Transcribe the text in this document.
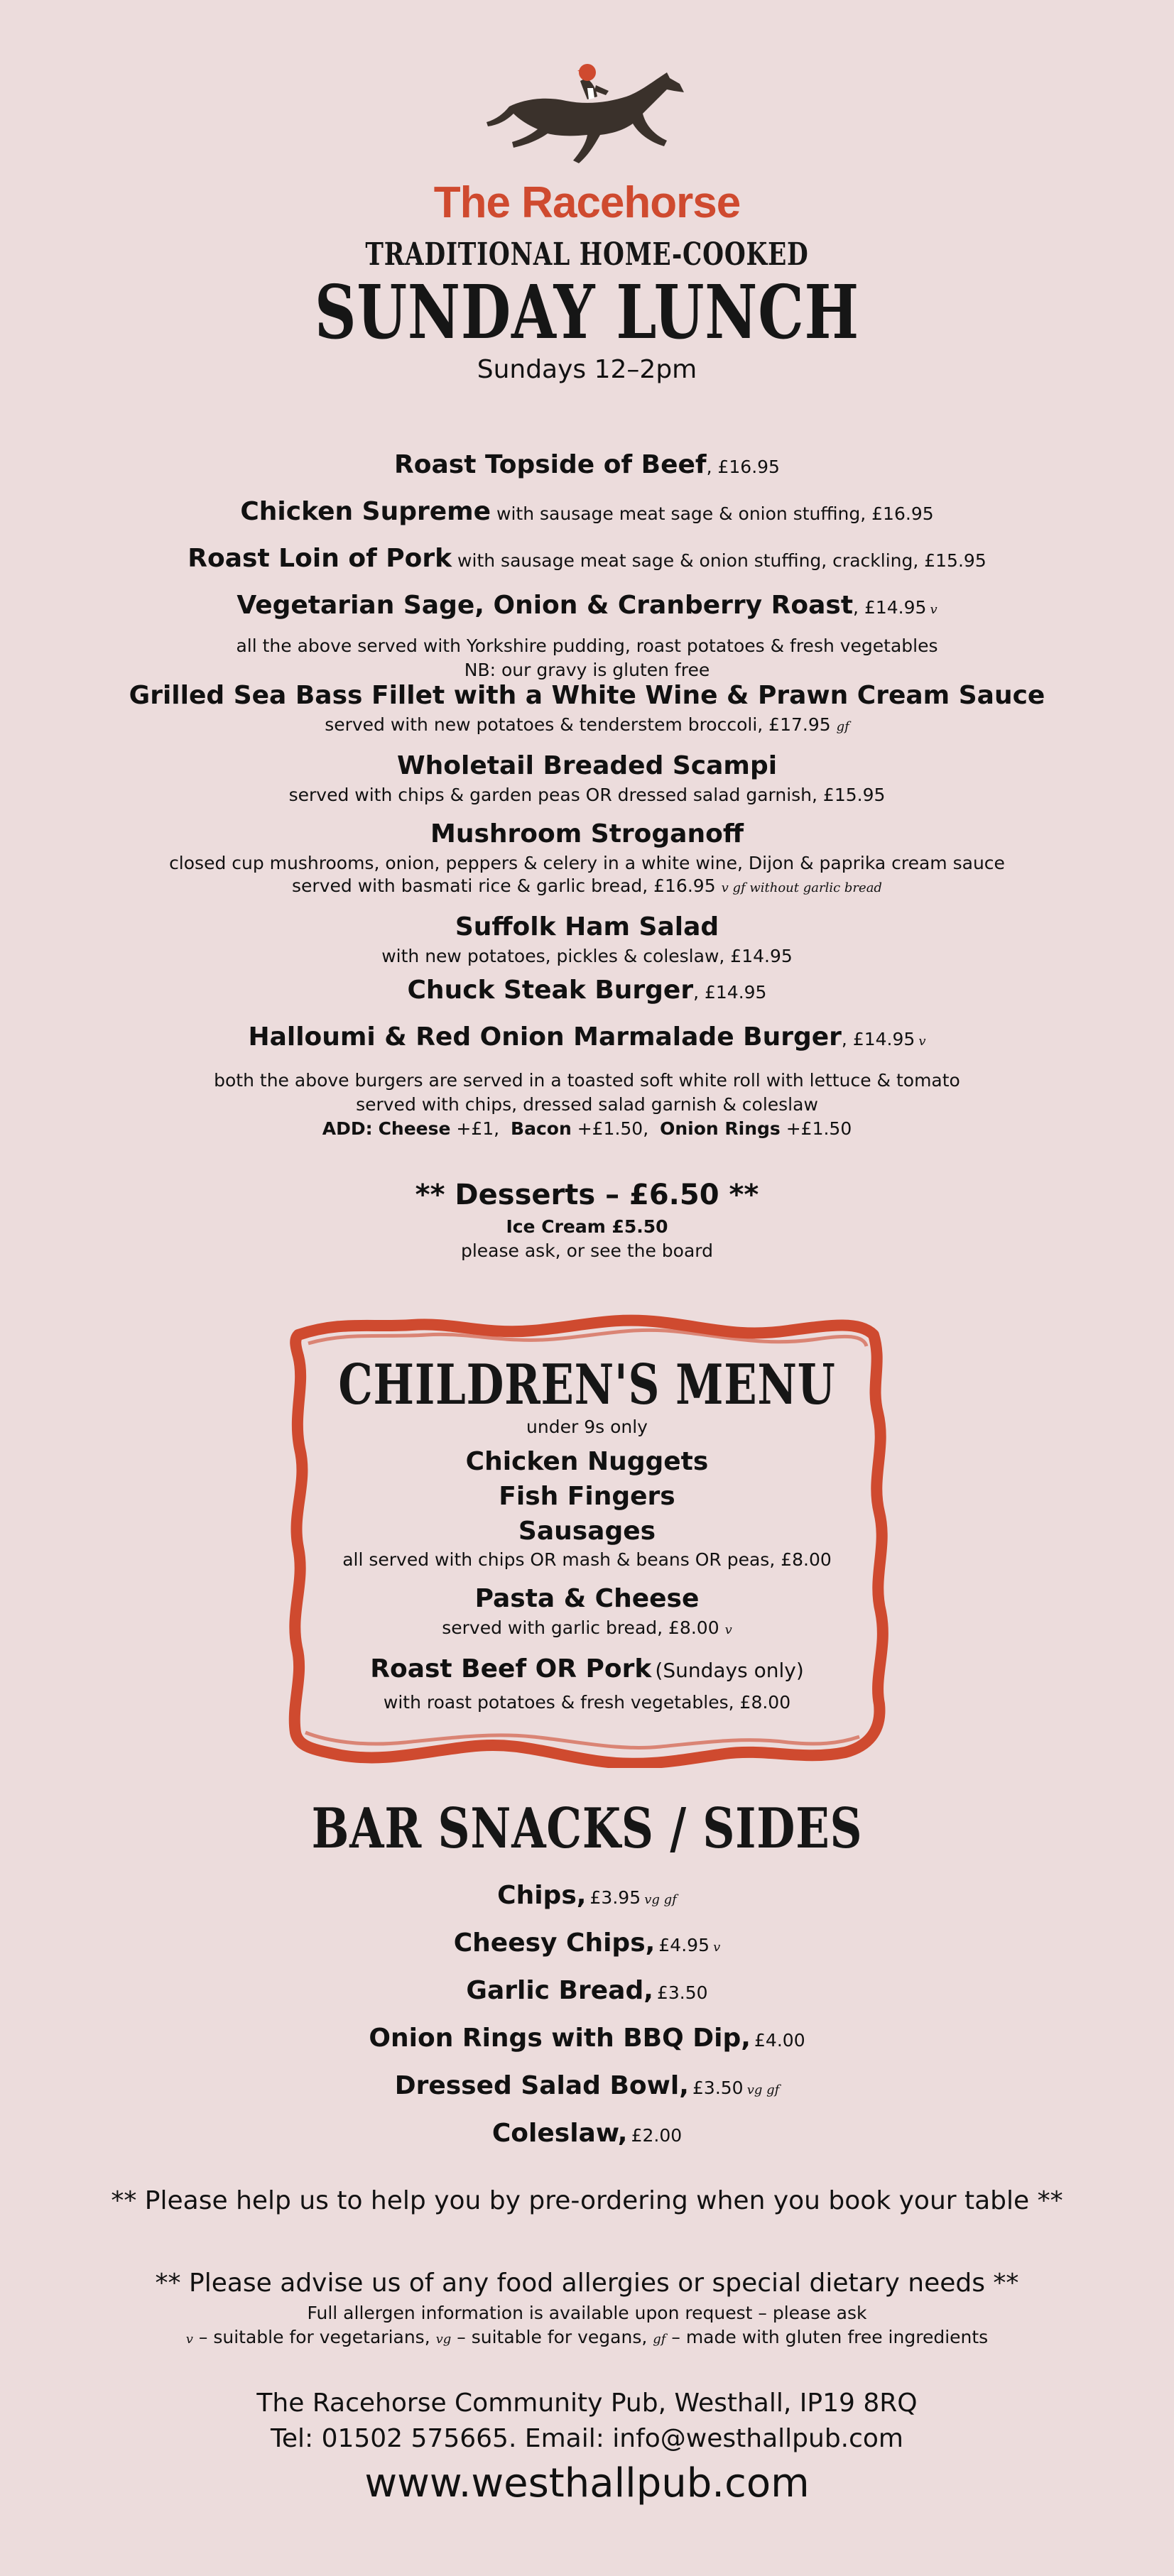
The Racehorse
TRADITIONAL HOME-COOKED
SUNDAY LUNCH
Sundays 12–2pm
Roast Topside of Beef, £16.95
Chicken Supreme with sausage meat sage & onion stuffing, £16.95
Roast Loin of Pork with sausage meat sage & onion stuffing, crackling, £15.95
Vegetarian Sage, Onion & Cranberry Roast, £14.95 v
all the above served with Yorkshire pudding, roast potatoes & fresh vegetables
NB: our gravy is gluten free
Grilled Sea Bass Fillet with a White Wine & Prawn Cream Sauce
served with new potatoes & tenderstem broccoli, £17.95 gf
Wholetail Breaded Scampi
served with chips & garden peas OR dressed salad garnish, £15.95
Mushroom Stroganoff
closed cup mushrooms, onion, peppers & celery in a white wine, Dijon & paprika cream sauce
served with basmati rice & garlic bread, £16.95 v gf without garlic bread
Suffolk Ham Salad
with new potatoes, pickles & coleslaw, £14.95
Chuck Steak Burger, £14.95
Halloumi & Red Onion Marmalade Burger, £14.95 v
both the above burgers are served in a toasted soft white roll with lettuce & tomato
served with chips, dressed salad garnish & coleslaw
ADD: Cheese +£1, Bacon +£1.50, Onion Rings +£1.50
** Desserts – £6.50 **
Ice Cream £5.50
please ask, or see the board
CHILDREN'S MENU
under 9s only
Chicken Nuggets
Fish Fingers
Sausages
all served with chips OR mash & beans OR peas, £8.00
Pasta & Cheese
served with garlic bread, £8.00 v
Roast Beef OR Pork (Sundays only)
with roast potatoes & fresh vegetables, £8.00
BAR SNACKS / SIDES
Chips, £3.95 vg gf
Cheesy Chips, £4.95 v
Garlic Bread, £3.50
Onion Rings with BBQ Dip, £4.00
Dressed Salad Bowl, £3.50 vg gf
Coleslaw, £2.00
** Please help us to help you by pre-ordering when you book your table **
** Please advise us of any food allergies or special dietary needs **
Full allergen information is available upon request – please ask
v – suitable for vegetarians, vg – suitable for vegans, gf – made with gluten free ingredients
The Racehorse Community Pub, Westhall, IP19 8RQ
Tel: 01502 575665. Email: info@westhallpub.com
www.westhallpub.com
